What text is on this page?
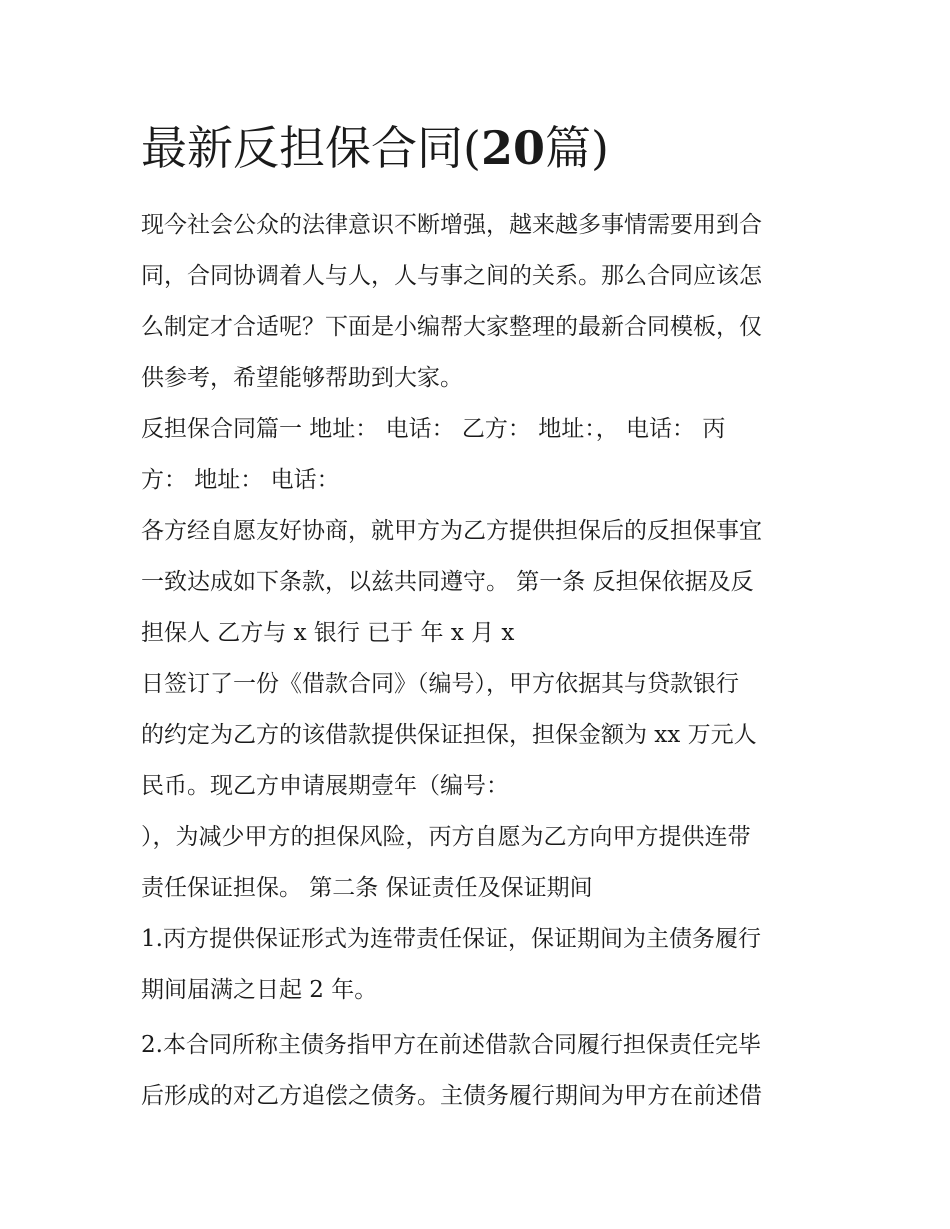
最新反担保合同(20篇)

现今社会公众的法律意识不断增强，越来越多事情需要用到合
同，合同协调着人与人，人与事之间的关系。那么合同应该怎
么制定才合适呢？下面是小编帮大家整理的最新合同模板，仅
供参考，希望能够帮助到大家。

反担保合同篇一 地址： 电话： 乙方： 地址：， 电话： 丙
方： 地址： 电话：

各方经自愿友好协商，就甲方为乙方提供担保后的反担保事宜
一致达成如下条款，以兹共同遵守。 第一条 反担保依据及反
担保人 乙方与 x 银行 已于 年 x 月 x

日签订了一份《借款合同》（编号），甲方依据其与贷款银行
的约定为乙方的该借款提供保证担保，担保金额为 xx 万元人
民币。现乙方申请展期壹年（编号：
），为减少甲方的担保风险，丙方自愿为乙方向甲方提供连带
责任保证担保。 第二条 保证责任及保证期间

1.丙方提供保证形式为连带责任保证，保证期间为主债务履行
期间届满之日起 2 年。

2.本合同所称主债务指甲方在前述借款合同履行担保责任完毕
后形成的对乙方追偿之债务。主债务履行期间为甲方在前述借
